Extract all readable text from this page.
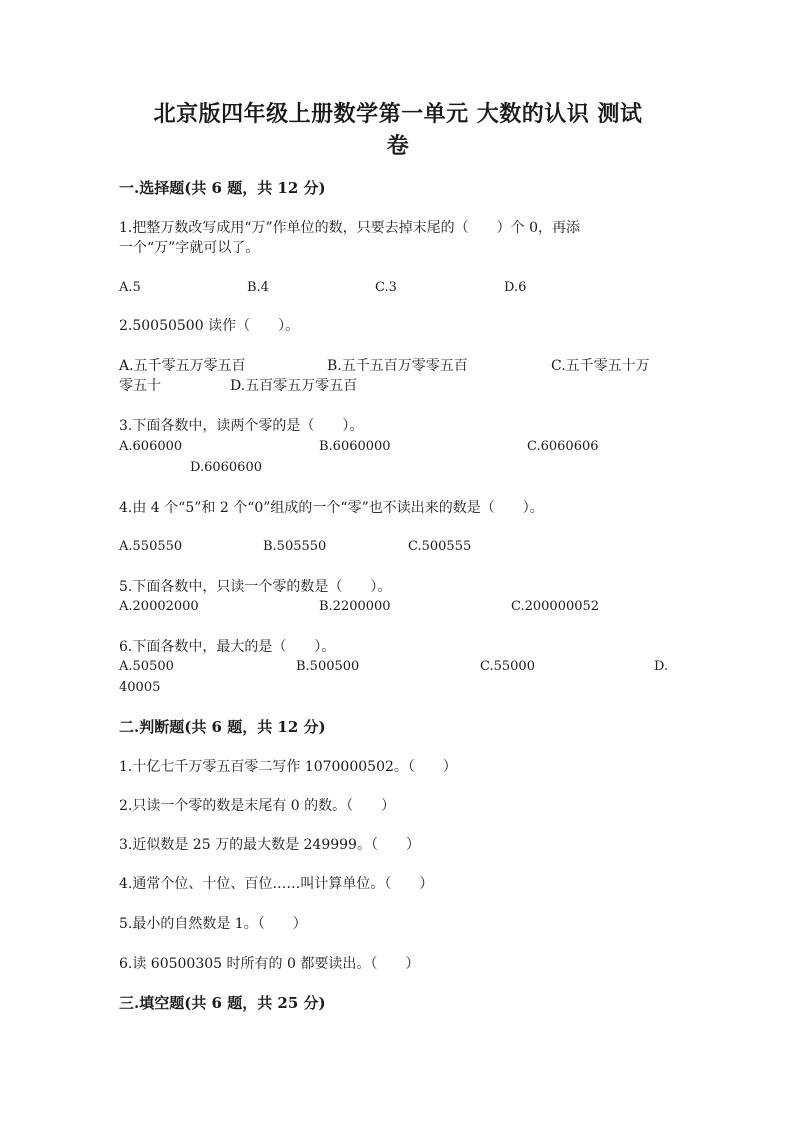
北京版四年级上册数学第一单元 大数的认识 测试
卷
一.选择题(共 6 题，共 12 分)
1.把整万数改写成用“万”作单位的数，只要去掉末尾的（　　）个 0，再添
一个“万”字就可以了。
A.5	B.4	C.3	D.6
2.50050500 读作（　　）。
A.五千零五万零五百	B.五千五百万零零五百	C.五千零五十万
零五十	D.五百零五万零五百
3.下面各数中，读两个零的是（　　）。
A.606000	B.6060000	C.6060606
D.6060600
4.由 4 个“5”和 2 个“0”组成的一个“零”也不读出来的数是（　　）。
A.550550	B.505550	C.500555
5.下面各数中，只读一个零的数是（　　）。
A.20002000	B.2200000	C.200000052
6.下面各数中，最大的是（　　）。
A.50500	B.500500	C.55000	D.
40005
二.判断题(共 6 题，共 12 分)
1.十亿七千万零五百零二写作 1070000502。（　　）
2.只读一个零的数是末尾有 0 的数。（　　）
3.近似数是 25 万的最大数是 249999。（　　）
4.通常个位、十位、百位……叫计算单位。（　　）
5.最小的自然数是 1。（　　）
6.读 60500305 时所有的 0 都要读出。（　　）
三.填空题(共 6 题，共 25 分)
